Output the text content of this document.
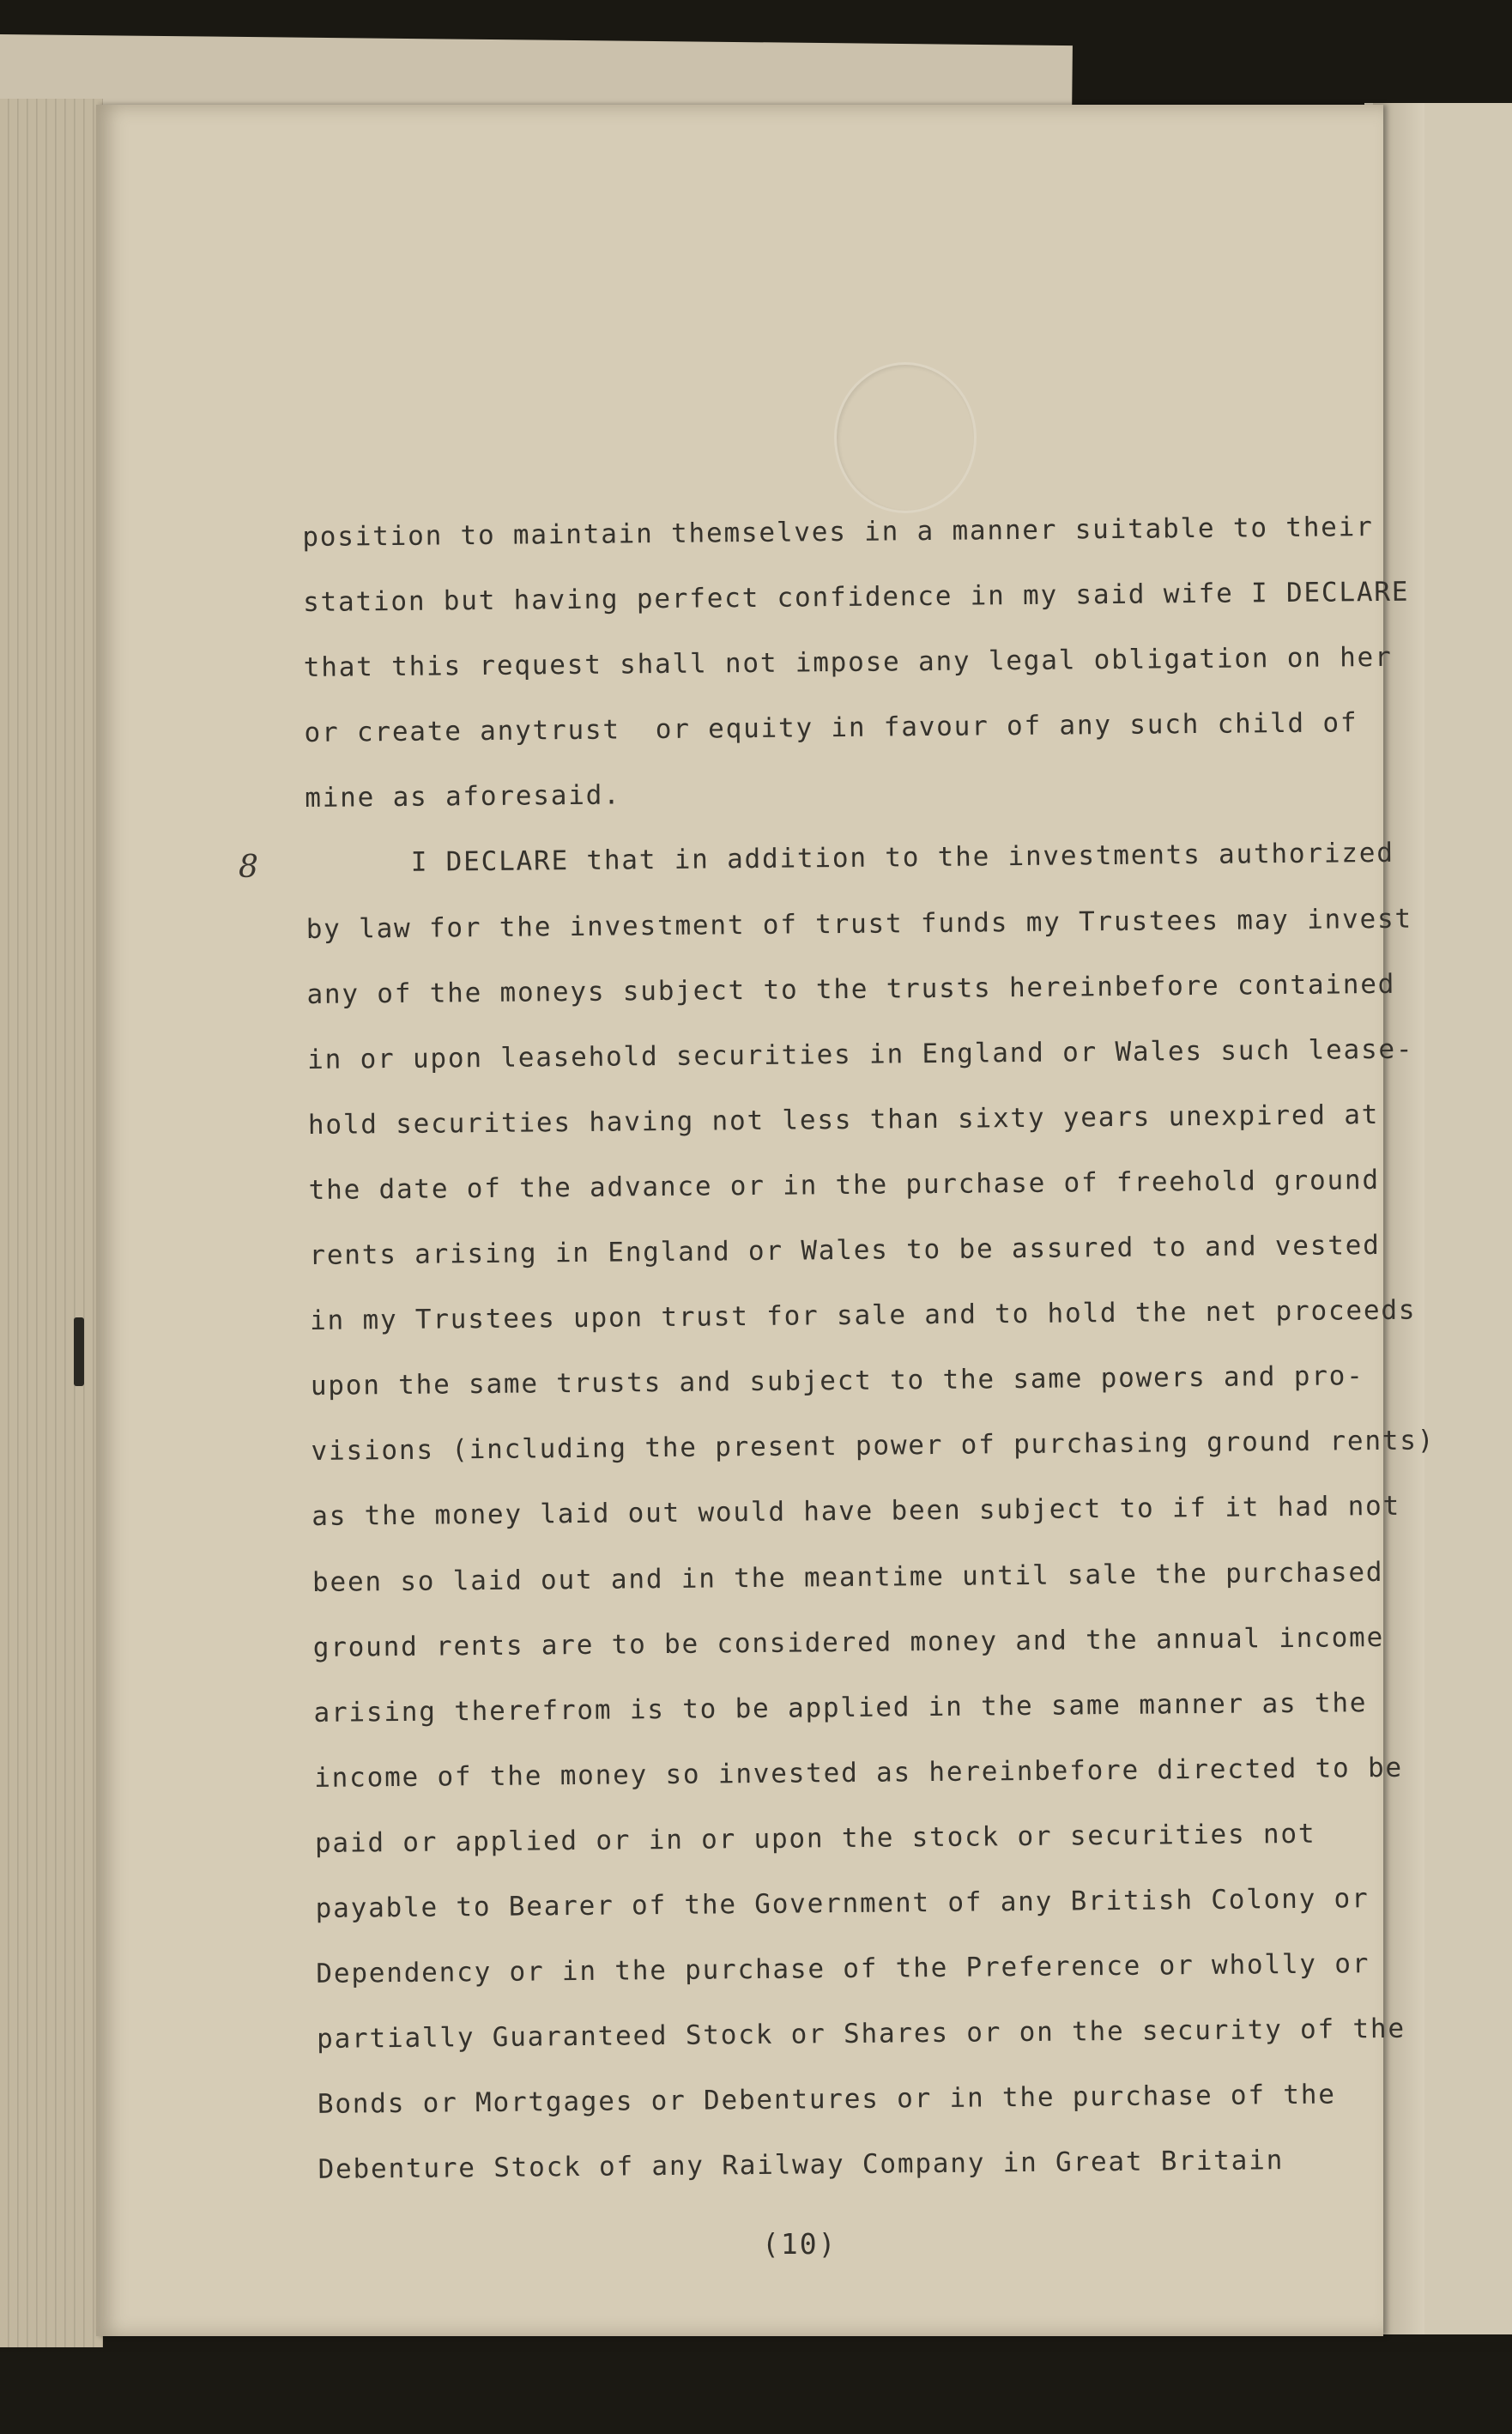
8
position to maintain themselves in a manner suitable to their
station but having perfect confidence in my said wife I DECLARE
that this request shall not impose any legal obligation on her
or create anytrust  or equity in favour of any such child of
mine as aforesaid.
I DECLARE that in addition to the investments authorized
by law for the investment of trust funds my Trustees may invest
any of the moneys subject to the trusts hereinbefore contained
in or upon leasehold securities in England or Wales such lease-
hold securities having not less than sixty years unexpired at
the date of the advance or in the purchase of freehold ground
rents arising in England or Wales to be assured to and vested
in my Trustees upon trust for sale and to hold the net proceeds
upon the same trusts and subject to the same powers and pro-
visions (including the present power of purchasing ground rents)
as the money laid out would have been subject to if it had not
been so laid out and in the meantime until sale the purchased
ground rents are to be considered money and the annual income
arising therefrom is to be applied in the same manner as the
income of the money so invested as hereinbefore directed to be
paid or applied or in or upon the stock or securities not
payable to Bearer of the Government of any British Colony or
Dependency or in the purchase of the Preference or wholly or
partially Guaranteed Stock or Shares or on the security of the
Bonds or Mortgages or Debentures or in the purchase of the
Debenture Stock of any Railway Company in Great Britain
(10)
